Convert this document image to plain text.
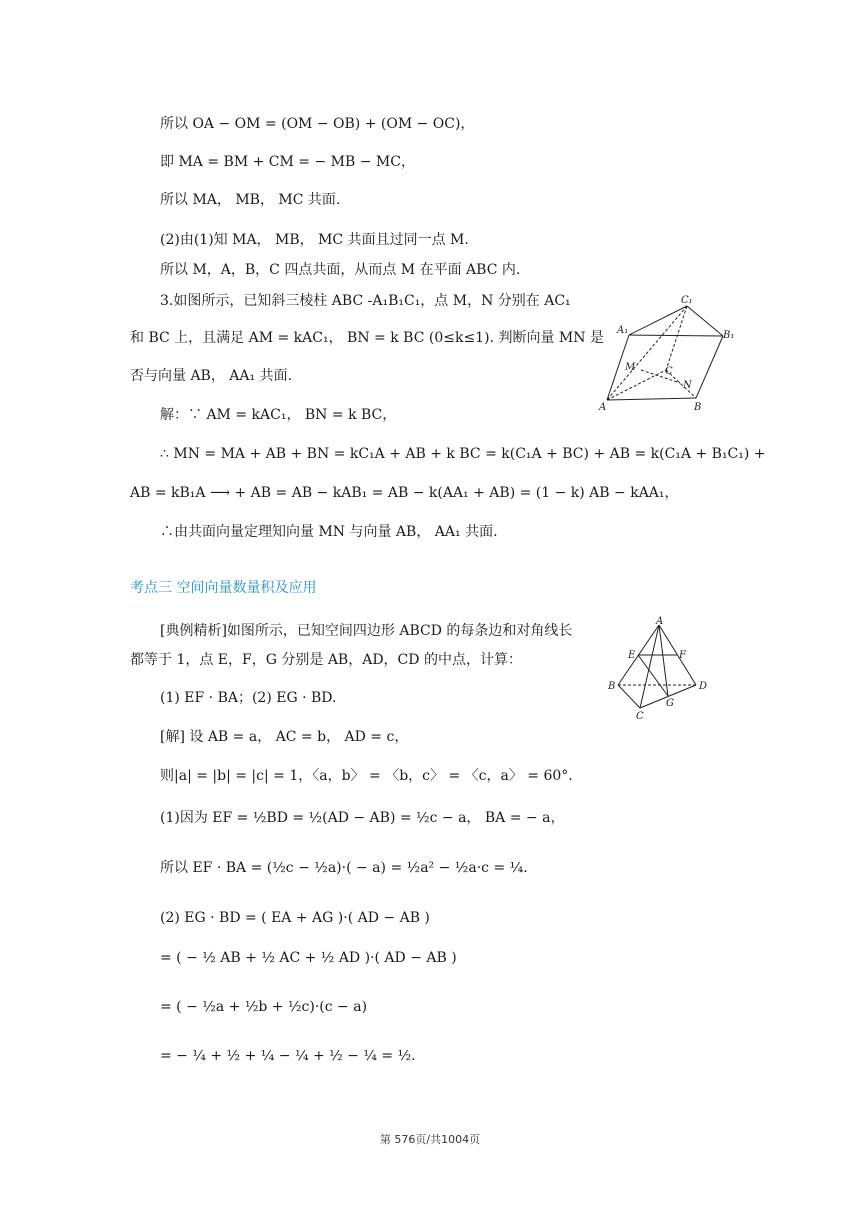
所以 OA − OM = (OM − OB) + (OM − OC)，
即 MA = BM + CM = − MB − MC，
所以 MA， MB， MC 共面.
(2)由(1)知 MA， MB， MC 共面且过同一点 M.
所以 M，A，B，C 四点共面，从而点 M 在平面 ABC 内.
3.如图所示，已知斜三棱柱 ABC -A₁B₁C₁，点 M，N 分别在 AC₁
和 BC 上，且满足 AM = kAC₁， BN = k BC (0≤k≤1). 判断向量 MN 是
否与向量 AB， AA₁ 共面.
解：∵ AM = kAC₁， BN = k BC，
∴ MN = MA + AB + BN = kC₁A + AB + k BC = k(C₁A + BC) + AB = k(C₁A + B₁C₁) +
AB = kB₁A ⟶ + AB = AB − kAB₁ = AB − k(AA₁ + AB) = (1 − k) AB − kAA₁，
∴由共面向量定理知向量 MN 与向量 AB， AA₁ 共面.
考点三 空间向量数量积及应用
[典例精析]如图所示，已知空间四边形 ABCD 的每条边和对角线长
都等于 1，点 E，F，G 分别是 AB，AD，CD 的中点，计算：
(1) EF · BA；(2) EG · BD.
[解] 设 AB = a， AC = b， AD = c，
则|a| = |b| = |c| = 1，〈a，b〉 = 〈b，c〉 = 〈c，a〉 = 60°.
(1)因为 EF = ½BD = ½(AD − AB) = ½c − a， BA = − a，
所以 EF · BA = (½c − ½a)·( − a) = ½a² − ½a·c = ¼.
(2) EG · BD = ( EA + AG )·( AD − AB )
= ( − ½ AB + ½ AC + ½ AD )·( AD − AB )
= ( − ½a + ½b + ½c)·(c − a)
= − ¼ + ½ + ¼ − ¼ + ½ − ¼ = ½.
C₁
A₁	B₁
M	C
N
A	B
A
E	F
B	D
G
C
第 576页/共1004页
